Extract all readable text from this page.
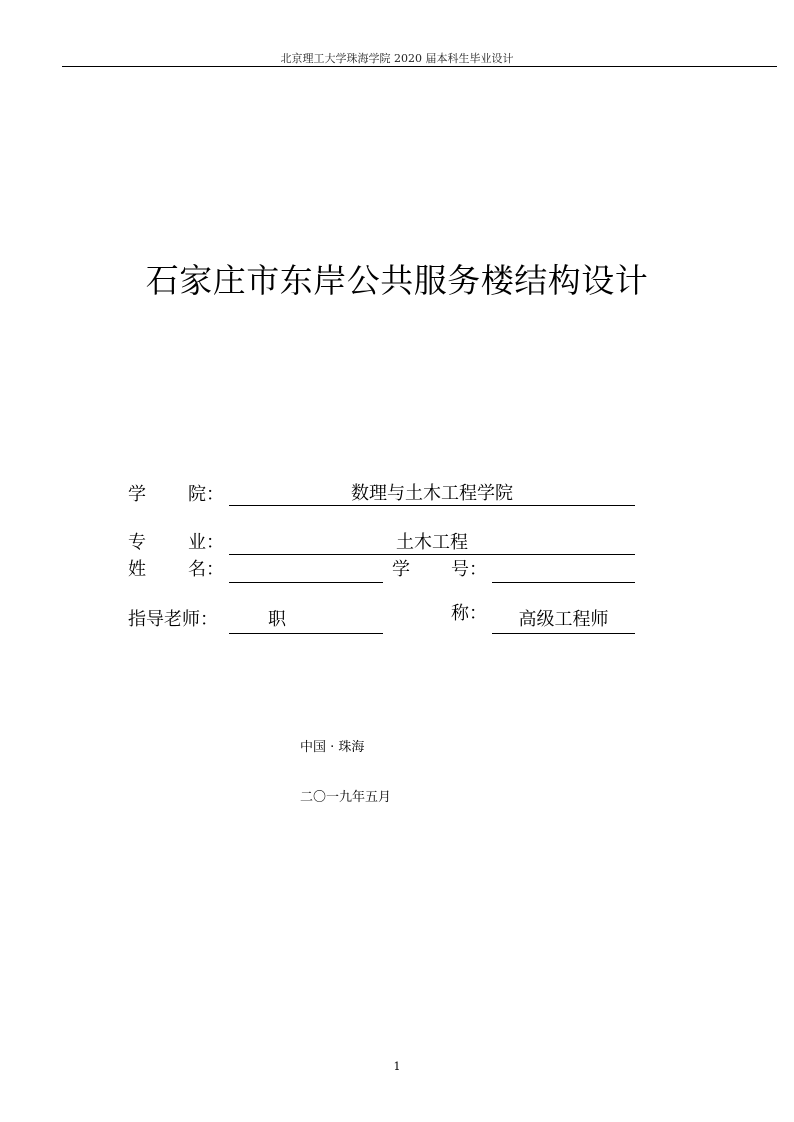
北京理工大学珠海学院 2020 届本科生毕业设计
石家庄市东岸公共服务楼结构设计
学 院：	数理与土木工程学院
专 业：	土木工程
姓 名：	学 号：
指导老师：	职	称：	高级工程师
中国 · 珠海
二〇一九年五月
1
